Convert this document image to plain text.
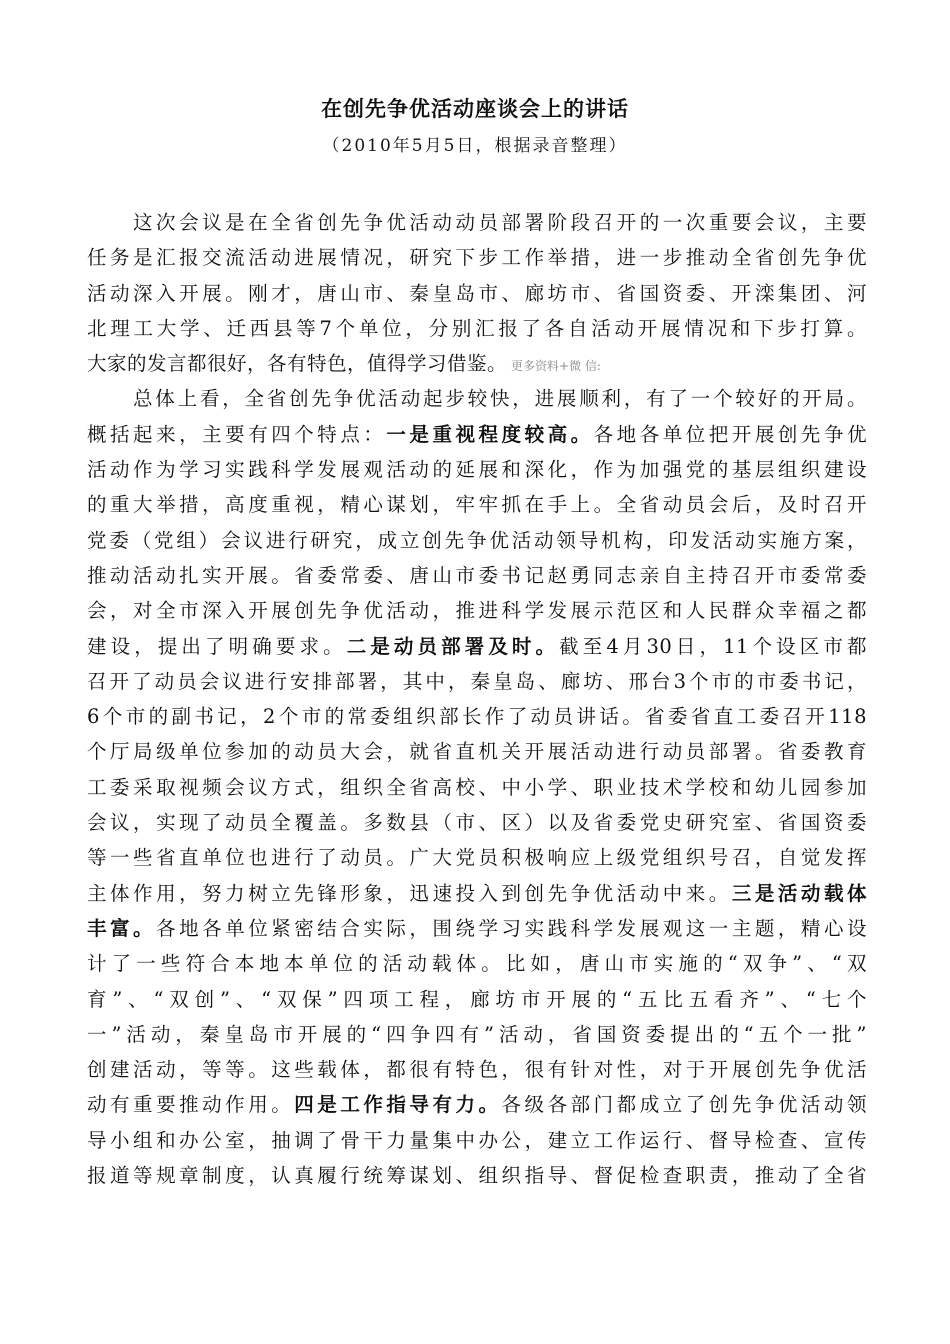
在创先争优活动座谈会上的讲话
（2010年5月5日，根据录音整理）
这次会议是在全省创先争优活动动员部署阶段召开的一次重要会议，主要
任务是汇报交流活动进展情况，研究下步工作举措，进一步推动全省创先争优
活动深入开展。刚才，唐山市、秦皇岛市、廊坊市、省国资委、开滦集团、河
北理工大学、迁西县等7个单位，分别汇报了各自活动开展情况和下步打算。
大家的发言都很好，各有特色，值得学习借鉴。 更多资料+微 信:
总体上看，全省创先争优活动起步较快，进展顺利，有了一个较好的开局。
概括起来，主要有四个特点：一是重视程度较高。各地各单位把开展创先争优
活动作为学习实践科学发展观活动的延展和深化，作为加强党的基层组织建设
的重大举措，高度重视，精心谋划，牢牢抓在手上。全省动员会后，及时召开
党委（党组）会议进行研究，成立创先争优活动领导机构，印发活动实施方案，
推动活动扎实开展。省委常委、唐山市委书记赵勇同志亲自主持召开市委常委
会，对全市深入开展创先争优活动，推进科学发展示范区和人民群众幸福之都
建设，提出了明确要求。二是动员部署及时。截至4月30日，11个设区市都
召开了动员会议进行安排部署，其中，秦皇岛、廊坊、邢台3个市的市委书记，
6个市的副书记，2个市的常委组织部长作了动员讲话。省委省直工委召开118
个厅局级单位参加的动员大会，就省直机关开展活动进行动员部署。省委教育
工委采取视频会议方式，组织全省高校、中小学、职业技术学校和幼儿园参加
会议，实现了动员全覆盖。多数县（市、区）以及省委党史研究室、省国资委
等一些省直单位也进行了动员。广大党员积极响应上级党组织号召，自觉发挥
主体作用，努力树立先锋形象，迅速投入到创先争优活动中来。三是活动载体
丰富。各地各单位紧密结合实际，围绕学习实践科学发展观这一主题，精心设
计了一些符合本地本单位的活动载体。比如，唐山市实施的“双争”、“双
育”、“双创”、“双保”四项工程，廊坊市开展的“五比五看齐”、“七个
一”活动，秦皇岛市开展的“四争四有”活动，省国资委提出的“五个一批”
创建活动，等等。这些载体，都很有特色，很有针对性，对于开展创先争优活
动有重要推动作用。四是工作指导有力。各级各部门都成立了创先争优活动领
导小组和办公室，抽调了骨干力量集中办公，建立工作运行、督导检查、宣传
报道等规章制度，认真履行统筹谋划、组织指导、督促检查职责，推动了全省
